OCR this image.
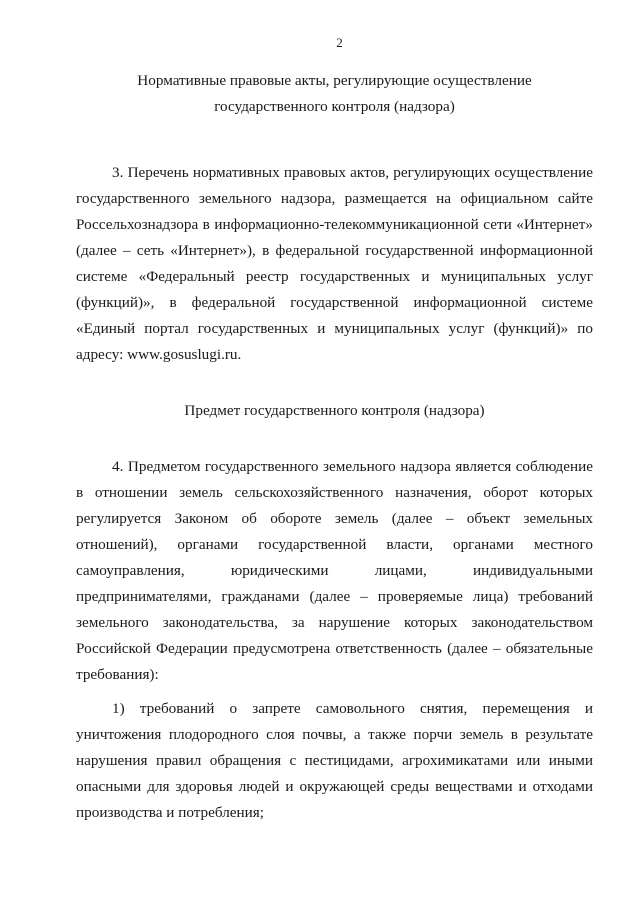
2
Нормативные правовые акты, регулирующие осуществление
государственного контроля (надзора)

3. Перечень нормативных правовых актов, регулирующих осуществление государственного земельного надзора, размещается на официальном сайте Россельхознадзора в информационно-телекоммуникационной сети «Интернет» (далее – сеть «Интернет»), в федеральной государственной информационной системе «Федеральный реестр государственных и муниципальных услуг (функций)», в федеральной государственной информационной системе «Единый портал государственных и муниципальных услуг (функций)» по адресу: www.gosuslugi.ru.

Предмет государственного контроля (надзора)

4. Предметом государственного земельного надзора является соблюдение в отношении земель сельскохозяйственного назначения, оборот которых регулируется Законом об обороте земель (далее – объект земельных отношений), органами государственной власти, органами местного самоуправления, юридическими лицами, индивидуальными предпринимателями, гражданами (далее – проверяемые лица) требований земельного законодательства, за нарушение которых законодательством Российской Федерации предусмотрена ответственность (далее – обязательные требования):

1) требований о запрете самовольного снятия, перемещения и уничтожения плодородного слоя почвы, а также порчи земель в результате нарушения правил обращения с пестицидами, агрохимикатами или иными опасными для здоровья людей и окружающей среды веществами и отходами производства и потребления;
